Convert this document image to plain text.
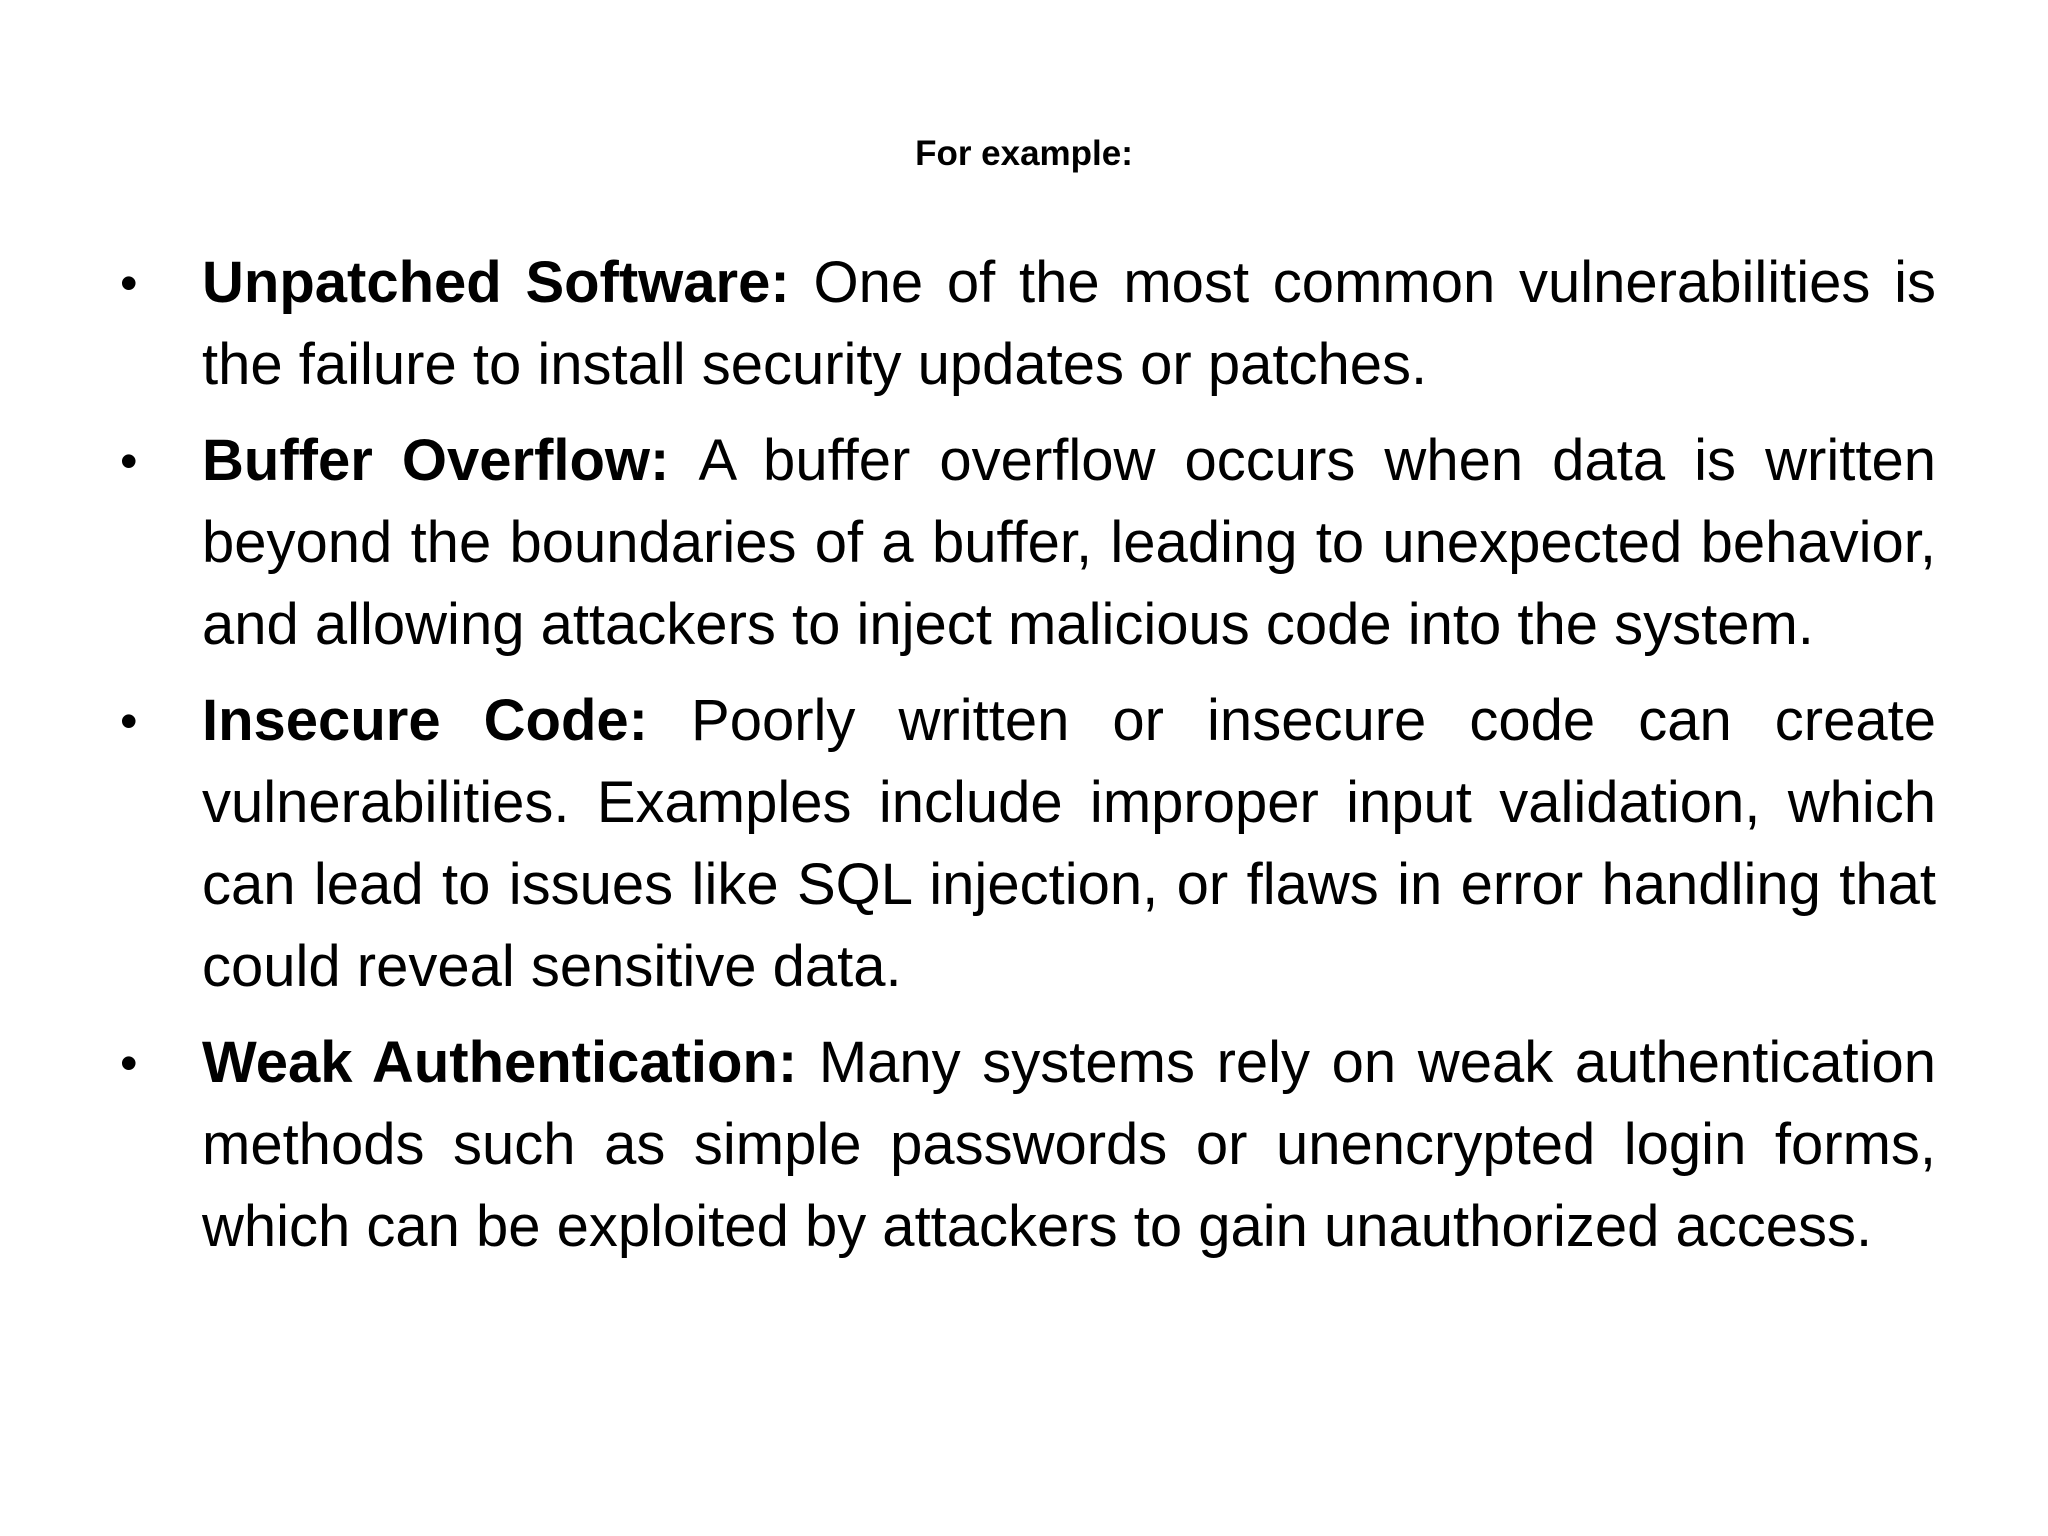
For example:
• Unpatched Software: One of the most common vulnerabilities is the failure to install security updates or patches.
• Buffer Overflow: A buffer overflow occurs when data is written beyond the boundaries of a buffer, leading to unexpected behavior, and allowing attackers to inject malicious code into the system.
• Insecure Code: Poorly written or insecure code can create vulnerabilities. Examples include improper input validation, which can lead to issues like SQL injection, or flaws in error handling that could reveal sensitive data.
• Weak Authentication: Many systems rely on weak authentication methods such as simple passwords or unencrypted login forms, which can be exploited by attackers to gain unauthorized access.
